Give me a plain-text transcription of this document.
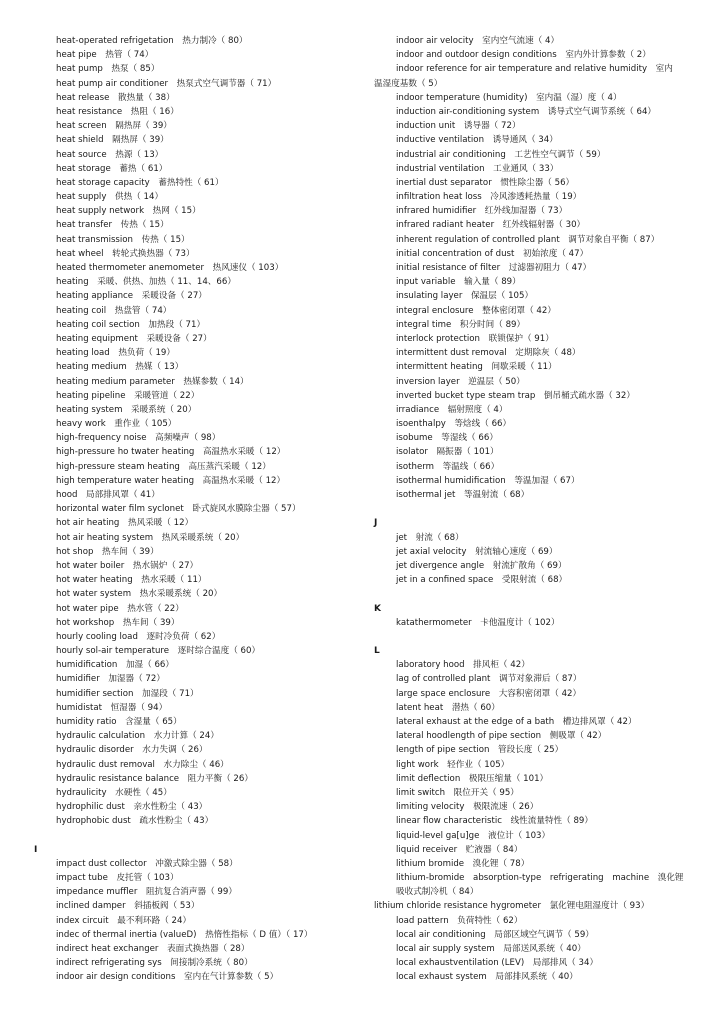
heat-operated refrigetation　热力制冷（ 80）
heat pipe　热管（ 74）
heat pump　热泵（ 85）
heat pump air conditioner　热泵式空气调节器（ 71）
heat release　散热量（ 38）
heat resistance　热阻（ 16）
heat screen　隔热屏（ 39）
heat shield　隔热屏（ 39）
heat source　热源（ 13）
heat storage　蓄热（ 61）
heat storage capacity　蓄热特性（ 61）
heat supply　供热（ 14）
heat supply network　热网（ 15）
heat transfer　传热（ 15）
heat transmission　传热（ 15）
heat wheel　转轮式换热器（ 73）
heated thermometer anemometer　热风速仪（ 103）
heating　采暖、供热、加热（ 11、14、66）
heating appliance　采暖设备（ 27）
heating coil　热盘管（ 74）
heating coil section　加热段（ 71）
heating equipment　采暖设备（ 27）
heating load　热负荷（ 19）
heating medium　热媒（ 13）
heating medium parameter　热媒参数（ 14）
heating pipeline　采暖管道（ 22）
heating system　采暖系统（ 20）
heavy work　重作业（ 105）
high-frequency noise　高频噪声（ 98）
high-pressure ho twater heating　高温热水采暖（ 12）
high-pressure steam heating　高压蒸汽采暖（ 12）
high temperature water heating　高温热水采暖（ 12）
hood　局部排风罩（ 41）
horizontal water film syclonet　卧式旋风水膜除尘器（ 57）
hot air heating　热风采暖（ 12）
hot air heating system　热风采暖系统（ 20）
hot shop　热车间（ 39）
hot water boiler　热水锅炉（ 27）
hot water heating　热水采暖（ 11）
hot water system　热水采暖系统（ 20）
hot water pipe　热水管（ 22）
hot workshop　热车间（ 39）
hourly cooling load　逐时冷负荷（ 62）
hourly sol-air temperature　逐时综合温度（ 60）
humidification　加湿（ 66）
humidifier　加湿器（ 72）
humidifier section　加湿段（ 71）
humidistat　恒湿器（ 94）
humidity ratio　含湿量（ 65）
hydraulic calculation　水力计算（ 24）
hydraulic disorder　水力失调（ 26）
hydraulic dust removal　水力除尘（ 46）
hydraulic resistance balance　阻力平衡（ 26）
hydraulicity　水硬性（ 45）
hydrophilic dust　亲水性粉尘（ 43）
hydrophobic dust　疏水性粉尘（ 43）
I
impact dust collector　冲激式除尘器（ 58）
impact tube　皮托管（ 103）
impedance muffler　阻抗复合消声器（ 99）
inclined damper　斜插板阀（ 53）
index circuit　最不利环路（ 24）
indec of thermal inertia (valueD)　热惰性指标（ D 值）（ 17）
indirect heat exchanger　表面式换热器（ 28）
indirect refrigerating sys　间接制冷系统（ 80）
indoor air design conditions　室内在气计算参数（ 5）
indoor air velocity　室内空气流速（ 4）
indoor and outdoor design conditions　室内外计算参数（ 2）
indoor reference for air temperature and relative humidity　室内
温湿度基数（ 5）
indoor temperature (humidity)　室内温（湿）度（ 4）
induction air-conditioning system　诱导式空气调节系统（ 64）
induction unit　诱导器（ 72）
inductive ventilation　诱导通风（ 34）
industrial air conditioning　工艺性空气调节（ 59）
industrial ventilation　工业通风（ 33）
inertial dust separator　惯性除尘器（ 56）
infiltration heat loss　冷风渗透耗热量（ 19）
infrared humidifier　红外线加湿器（ 73）
infrared radiant heater　红外线辐射器（ 30）
inherent regulation of controlled plant　调节对象自平衡（ 87）
initial concentration of dust　初始浓度（ 47）
initial resistance of filter　过滤器初阻力（ 47）
input variable　输入量（ 89）
insulating layer　保温层（ 105）
integral enclosure　整体密闭罩（ 42）
integral time　积分时间（ 89）
interlock protection　联锁保护（ 91）
intermittent dust removal　定期除灰（ 48）
intermittent heating　间歇采暖（ 11）
inversion layer　逆温层（ 50）
inverted bucket type steam trap　倒吊桶式疏水器（ 32）
irradiance　辐射照度（ 4）
isoenthalpy　等焓线（ 66）
isobume　等湿线（ 66）
isolator　隔振器（ 101）
isotherm　等温线（ 66）
isothermal humidification　等温加湿（ 67）
isothermal jet　等温射流（ 68）
J
jet　射流（ 68）
jet axial velocity　射流轴心速度（ 69）
jet divergence angle　射流扩散角（ 69）
jet in a confined space　受限射流（ 68）
K
katathermometer　卡他温度计（ 102）
L
laboratory hood　排风柜（ 42）
lag of controlled plant　调节对象滞后（ 87）
large space enclosure　大容积密闭罩（ 42）
latent heat　潜热（ 60）
lateral exhaust at the edge of a bath　槽边排风罩（ 42）
lateral hoodlength of pipe section　侧吸罩（ 42）
length of pipe section　管段长度（ 25）
light work　轻作业（ 105）
limit deflection　极限压缩量（ 101）
limit switch　限位开关（ 95）
limiting velocity　极限流速（ 26）
linear flow characteristic　线性流量特性（ 89）
liquid-level ga[u]ge　液位计（ 103）
liquid receiver　贮液器（ 84）
lithium bromide　溴化锂（ 78）
lithium-bromide　absorption-type　refrigerating　machine　溴化锂
吸收式制冷机（ 84）
lithium chloride resistance hygrometer　氯化锂电阻湿度计（ 93）
load pattern　负荷特性（ 62）
local air conditioning　局部区域空气调节（ 59）
local air supply system　局部送风系统（ 40）
local exhaustventilation (LEV)　局部排风（ 34）
local exhaust system　局部排风系统（ 40）
